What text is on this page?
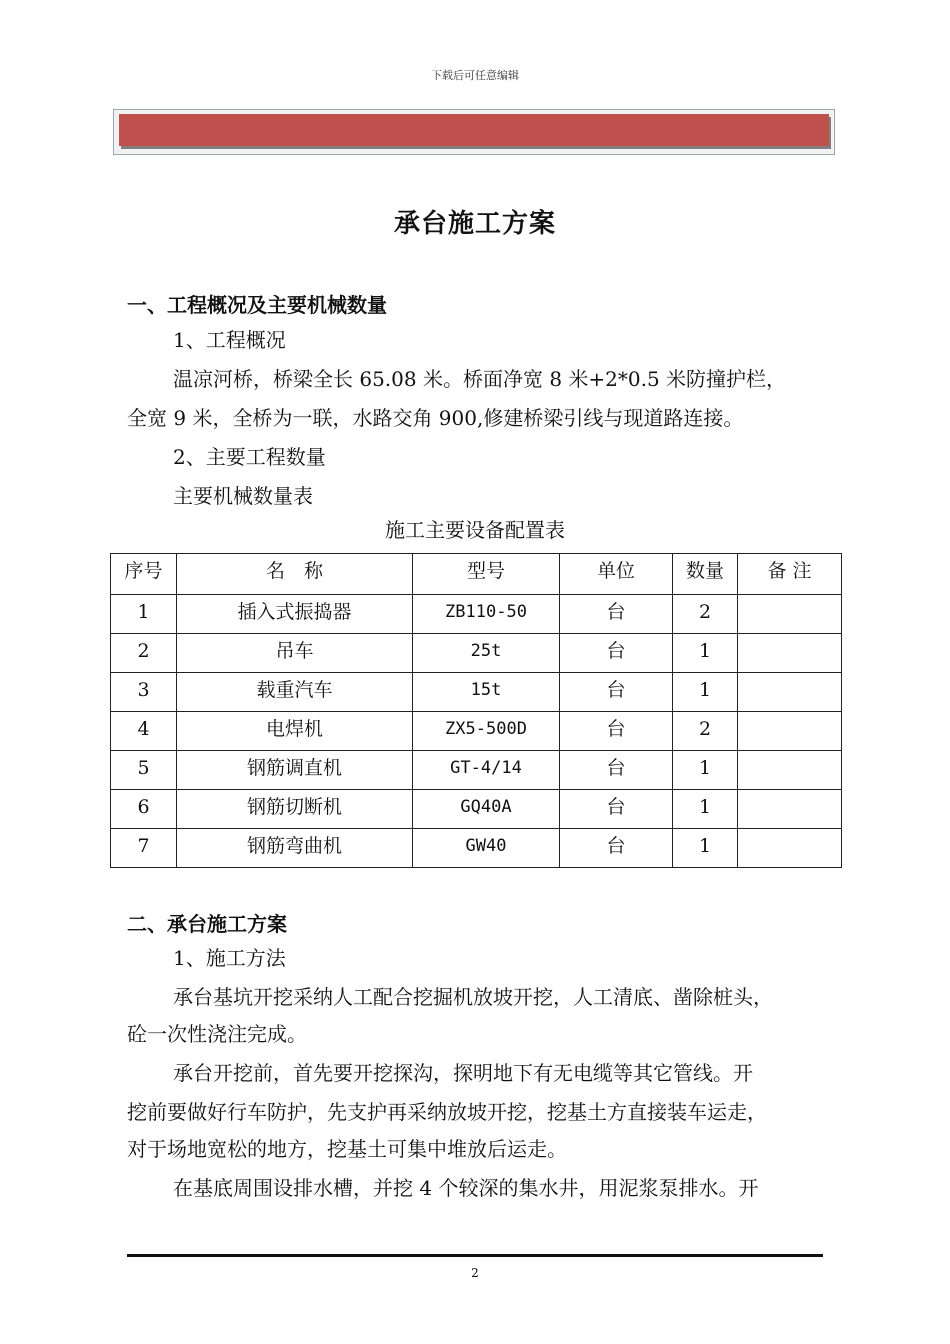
下载后可任意编辑
承台施工方案
一、工程概况及主要机械数量
1、工程概况
温凉河桥，桥梁全长 65.08 米。桥面净宽 8 米+2*0.5 米防撞护栏，
全宽 9 米，全桥为一联，水路交角 900,修建桥梁引线与现道路连接。
2、主要工程数量
主要机械数量表
施工主要设备配置表
序号	名　称	型号	单位	数量	备 注
1	插入式振捣器	ZB110-50	台	2	
2	吊车	25t	台	1	
3	载重汽车	15t	台	1	
4	电焊机	ZX5-500D	台	2	
5	钢筋调直机	GT-4/14	台	1	
6	钢筋切断机	GQ40A	台	1	
7	钢筋弯曲机	GW40	台	1	
二、承台施工方案
1、施工方法
承台基坑开挖采纳人工配合挖掘机放坡开挖，人工清底、凿除桩头，
砼一次性浇注完成。
承台开挖前，首先要开挖探沟，探明地下有无电缆等其它管线。开
挖前要做好行车防护，先支护再采纳放坡开挖，挖基土方直接装车运走，
对于场地宽松的地方，挖基土可集中堆放后运走。
在基底周围设排水槽，并挖 4 个较深的集水井，用泥浆泵排水。开
2
